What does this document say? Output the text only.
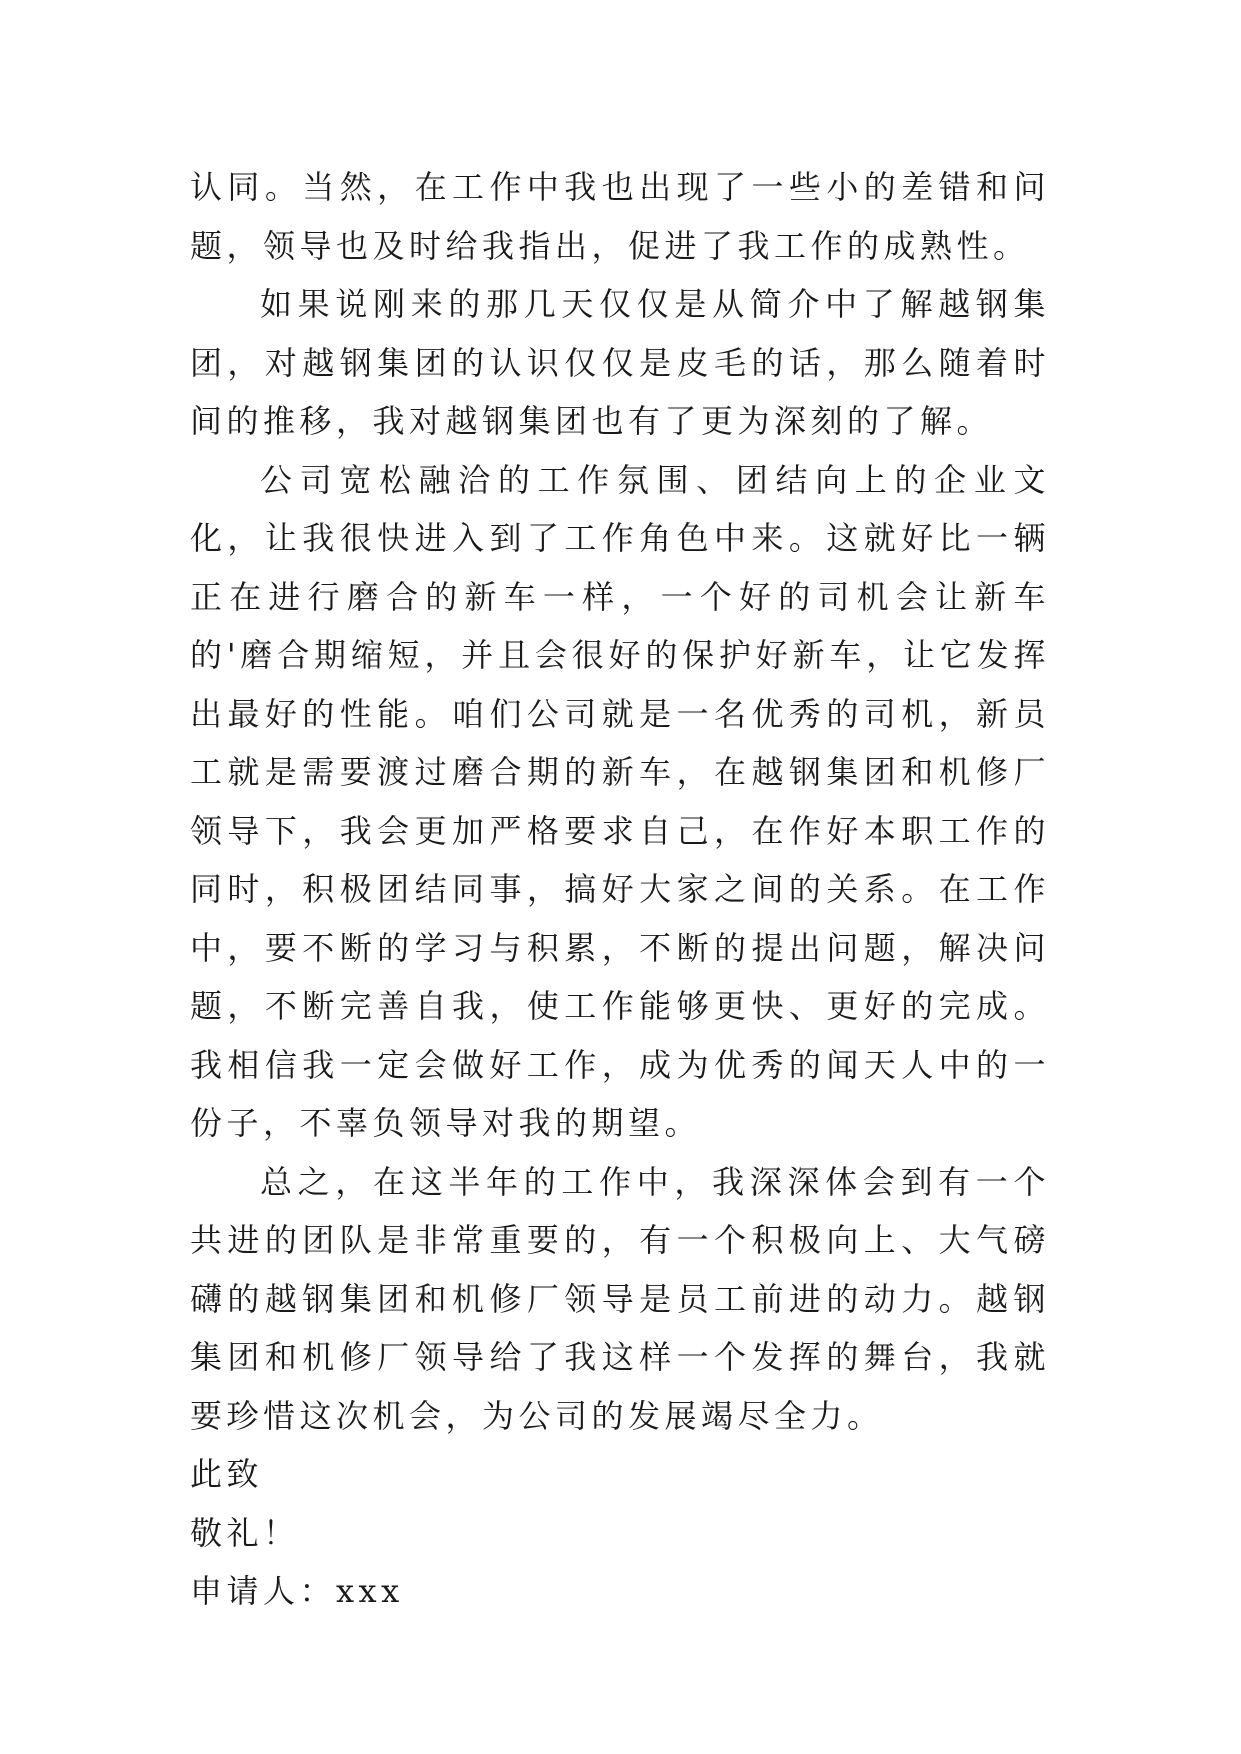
认同。当然，在工作中我也出现了一些小的差错和问题，领导也及时给我指出，促进了我工作的成熟性。

如果说刚来的那几天仅仅是从简介中了解越钢集团，对越钢集团的认识仅仅是皮毛的话，那么随着时间的推移，我对越钢集团也有了更为深刻的了解。

公司宽松融洽的工作氛围、团结向上的企业文化，让我很快进入到了工作角色中来。这就好比一辆正在进行磨合的新车一样，一个好的司机会让新车的'磨合期缩短，并且会很好的保护好新车，让它发挥出最好的性能。咱们公司就是一名优秀的司机，新员工就是需要渡过磨合期的新车，在越钢集团和机修厂领导下，我会更加严格要求自己，在作好本职工作的同时，积极团结同事，搞好大家之间的关系。在工作中，要不断的学习与积累，不断的提出问题，解决问题，不断完善自我，使工作能够更快、更好的完成。我相信我一定会做好工作，成为优秀的闻天人中的一份子，不辜负领导对我的期望。

总之，在这半年的工作中，我深深体会到有一个共进的团队是非常重要的，有一个积极向上、大气磅礴的越钢集团和机修厂领导是员工前进的动力。越钢集团和机修厂领导给了我这样一个发挥的舞台，我就要珍惜这次机会，为公司的发展竭尽全力。

此致

敬礼！

申请人：xxx
